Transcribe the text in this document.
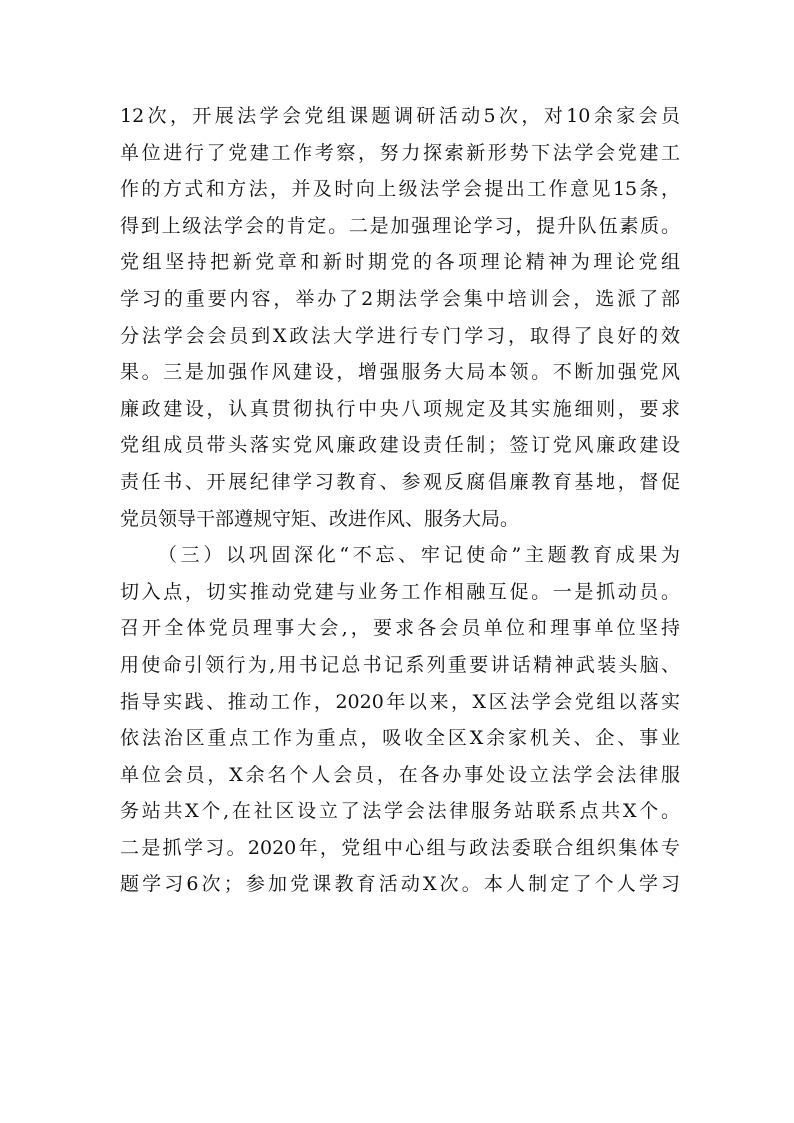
12次，开展法学会党组课题调研活动5次，对10余家会员
单位进行了党建工作考察，努力探索新形势下法学会党建工
作的方式和方法，并及时向上级法学会提出工作意见15条，
得到上级法学会的肯定。二是加强理论学习，提升队伍素质。
党组坚持把新党章和新时期党的各项理论精神为理论党组
学习的重要内容，举办了2期法学会集中培训会，选派了部
分法学会会员到X政法大学进行专门学习，取得了良好的效
果。三是加强作风建设，增强服务大局本领。不断加强党风
廉政建设，认真贯彻执行中央八项规定及其实施细则，要求
党组成员带头落实党风廉政建设责任制；签订党风廉政建设
责任书、开展纪律学习教育、参观反腐倡廉教育基地，督促
党员领导干部遵规守矩、改进作风、服务大局。
（三）以巩固深化“不忘、牢记使命”主题教育成果为
切入点，切实推动党建与业务工作相融互促。一是抓动员。
召开全体党员理事大会,，要求各会员单位和理事单位坚持
用使命引领行为,用书记总书记系列重要讲话精神武装头脑、
指导实践、推动工作，2020年以来，X区法学会党组以落实
依法治区重点工作为重点，吸收全区X余家机关、企、事业
单位会员，X余名个人会员，在各办事处设立法学会法律服
务站共X个,在社区设立了法学会法律服务站联系点共X个。
二是抓学习。2020年，党组中心组与政法委联合组织集体专
题学习6次；参加党课教育活动X次。本人制定了个人学习
